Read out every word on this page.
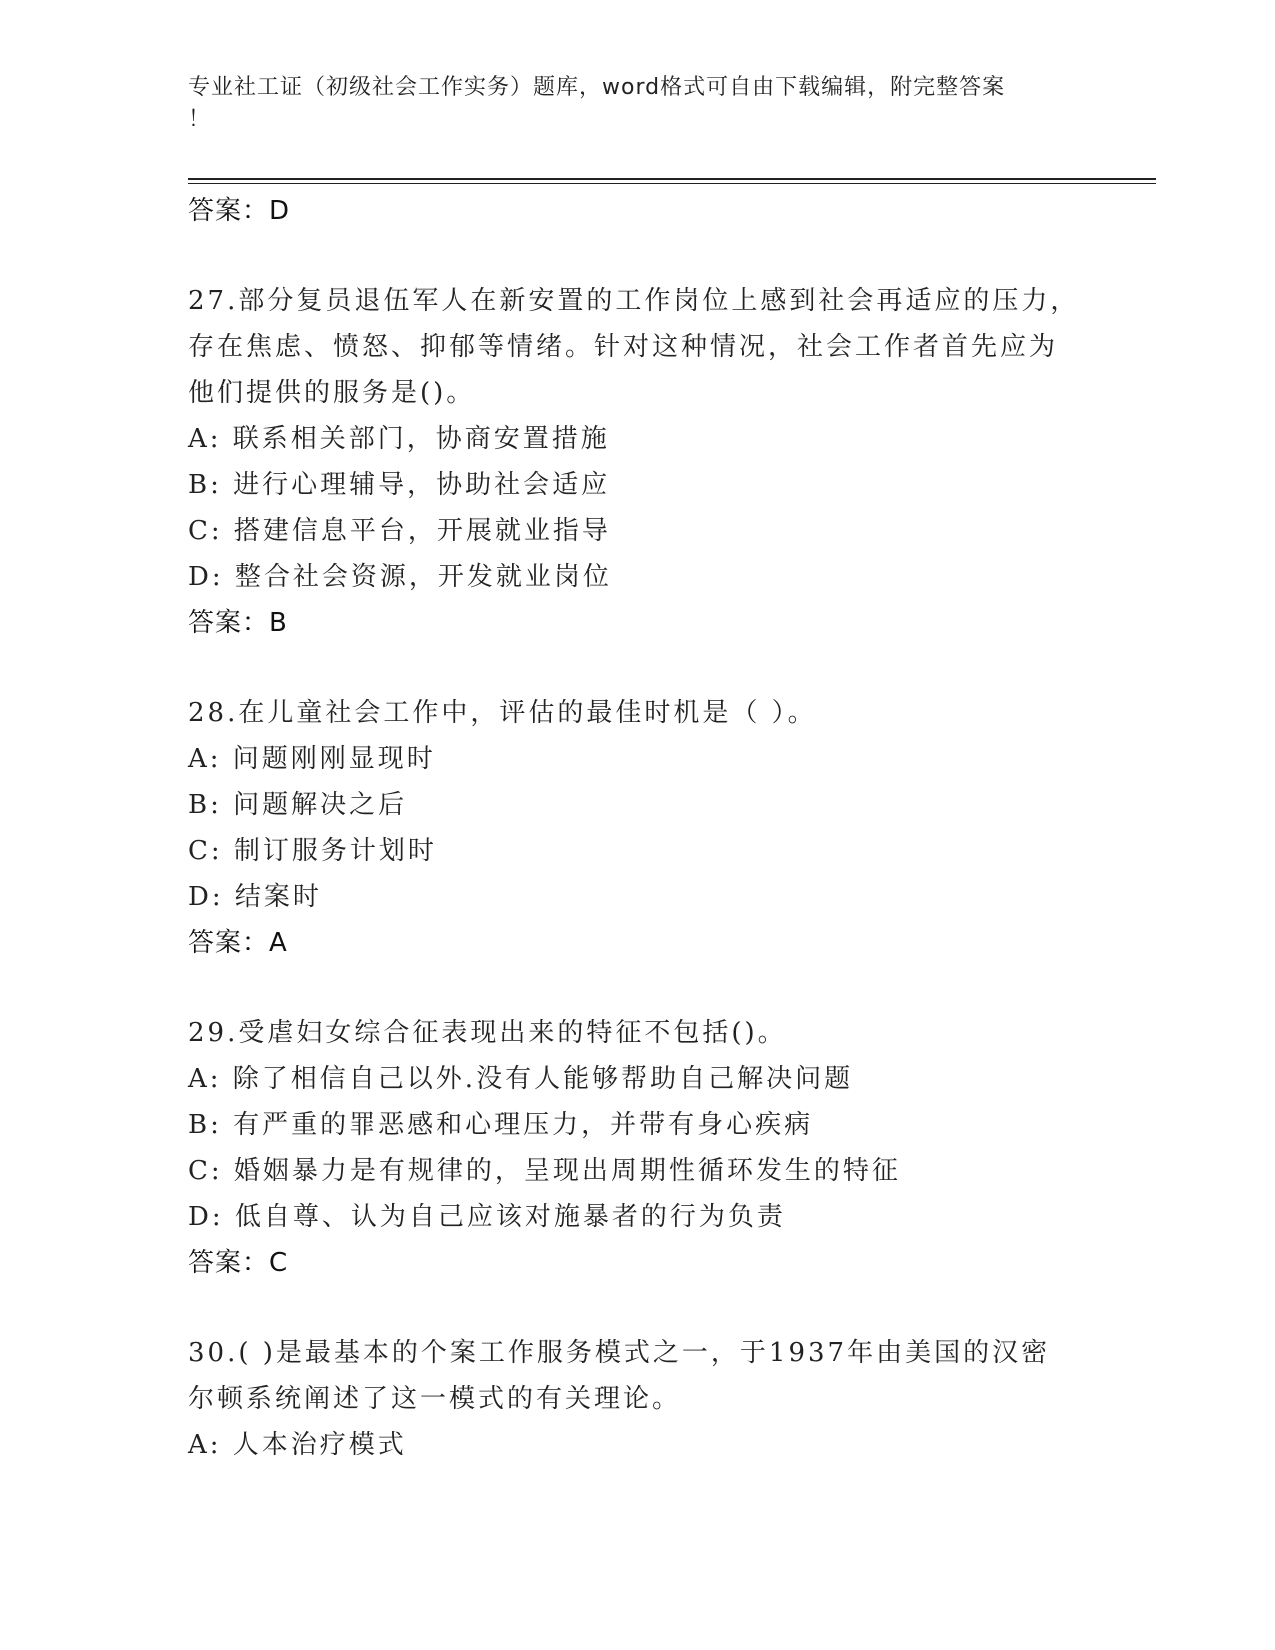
专业社工证（初级社会工作实务）题库，word格式可自由下载编辑，附完整答案
！
答案：D
27.部分复员退伍军人在新安置的工作岗位上感到社会再适应的压力，
存在焦虑、愤怒、抑郁等情绪。针对这种情况，社会工作者首先应为
他们提供的服务是()。
A: 联系相关部门，协商安置措施
B: 进行心理辅导，协助社会适应
C: 搭建信息平台，开展就业指导
D: 整合社会资源，开发就业岗位
答案：B
28.在儿童社会工作中，评估的最佳时机是（ ）。
A: 问题刚刚显现时
B: 问题解决之后
C: 制订服务计划时
D: 结案时
答案：A
29.受虐妇女综合征表现出来的特征不包括()。
A: 除了相信自己以外.没有人能够帮助自己解决问题
B: 有严重的罪恶感和心理压力，并带有身心疾病
C: 婚姻暴力是有规律的，呈现出周期性循环发生的特征
D: 低自尊、认为自己应该对施暴者的行为负责
答案：C
30.( )是最基本的个案工作服务模式之一，于1937年由美国的汉密
尔顿系统阐述了这一模式的有关理论。
A: 人本治疗模式
